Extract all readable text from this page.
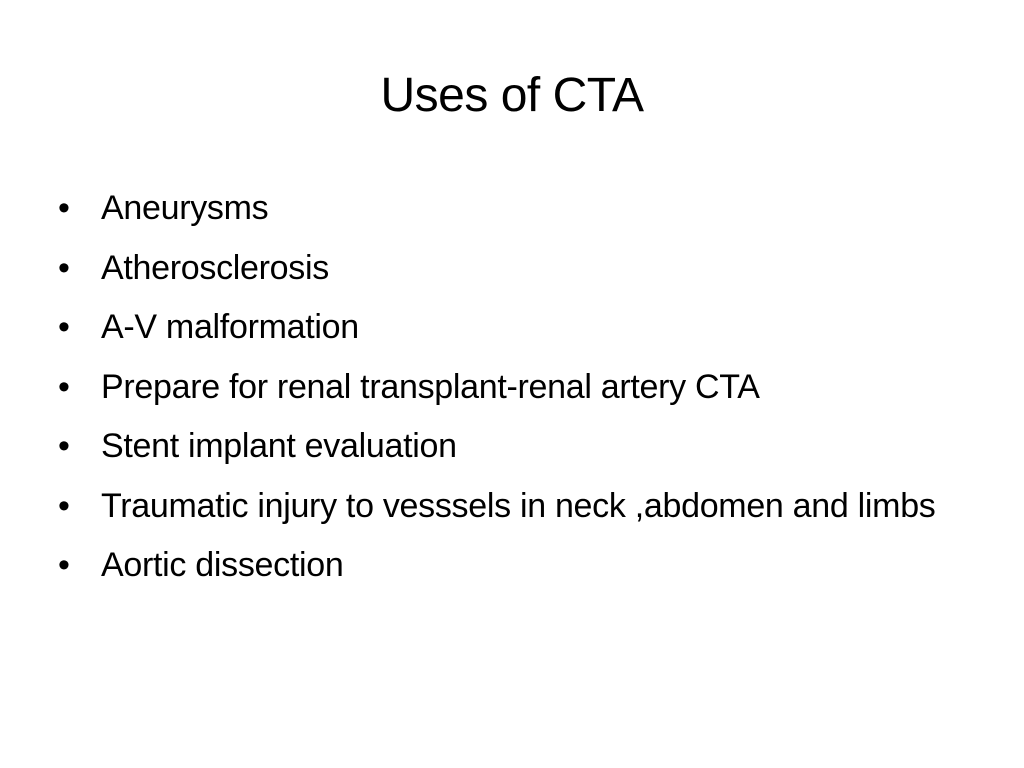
Uses of CTA
• Aneurysms
• Atherosclerosis
• A-V malformation
• Prepare for renal transplant-renal artery CTA
• Stent implant evaluation
• Traumatic injury to vesssels in neck ,abdomen and limbs
• Aortic dissection
